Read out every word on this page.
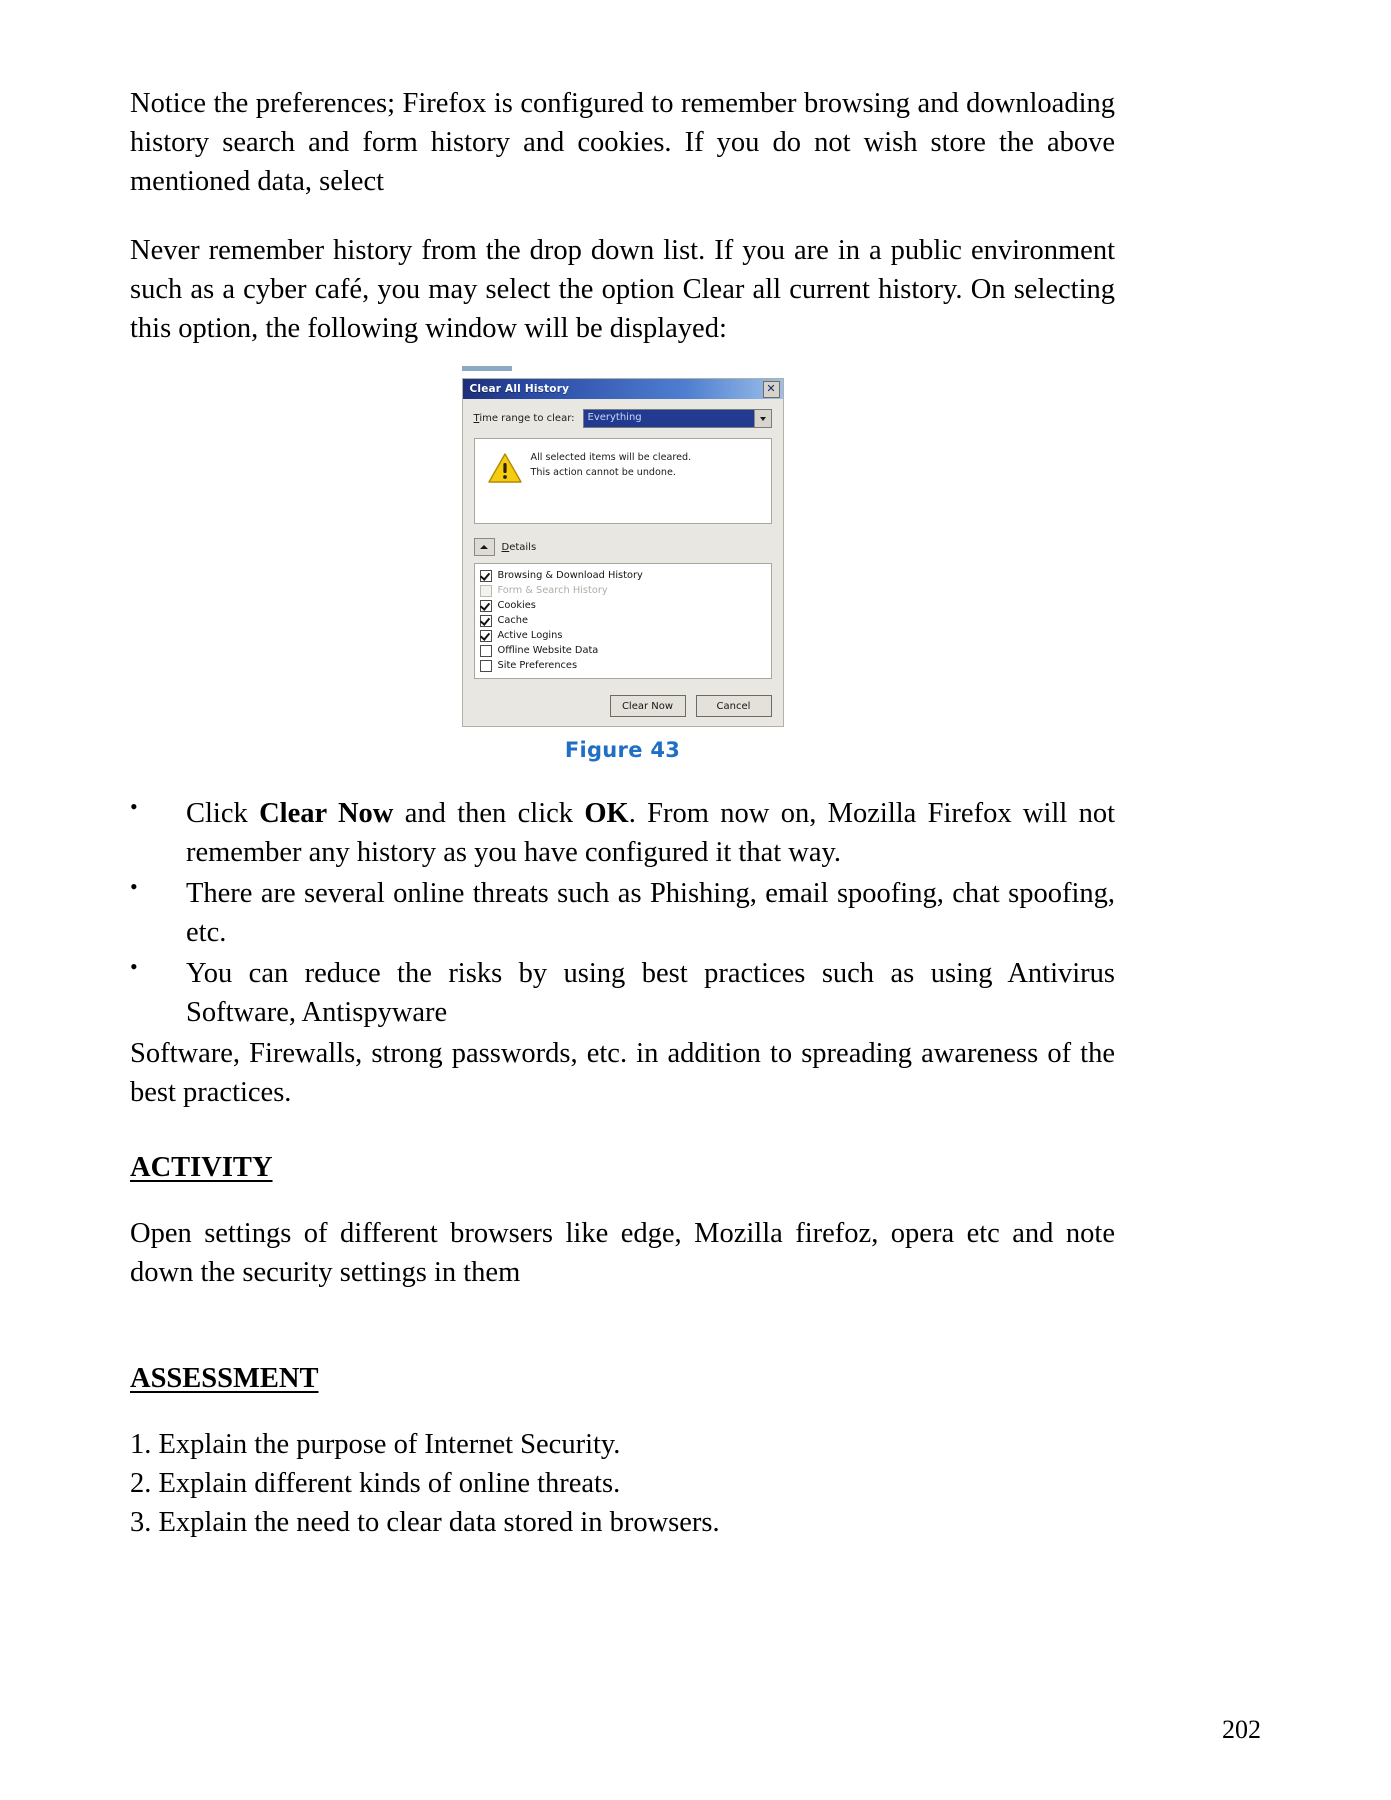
Notice the preferences; Firefox is configured to remember browsing and downloading history search and form history and cookies. If you do not wish store the above mentioned data, select

Never remember history from the drop down list. If you are in a public environment such as a cyber café, you may select the option Clear all current history. On selecting this option, the following window will be displayed:

Clear All History	✕
Time range to clear:	Everything
All selected items will be cleared.
This action cannot be undone.
Details
Browsing & Download History
Form & Search History
Cookies
Cache
Active Logins
Offline Website Data
Site Preferences
Clear Now	Cancel
Figure 43
• Click Clear Now and then click OK. From now on, Mozilla Firefox will not remember any history as you have configured it that way.
• There are several online threats such as Phishing, email spoofing, chat spoofing, etc.
• You can reduce the risks by using best practices such as using Antivirus Software, Antispyware

Software, Firewalls, strong passwords, etc. in addition to spreading awareness of the best practices.

ACTIVITY

Open settings of different browsers like edge, Mozilla firefoz, opera etc and note down the security settings in them

ASSESSMENT
1. Explain the purpose of Internet Security.
2. Explain different kinds of online threats.
3. Explain the need to clear data stored in browsers.
202
